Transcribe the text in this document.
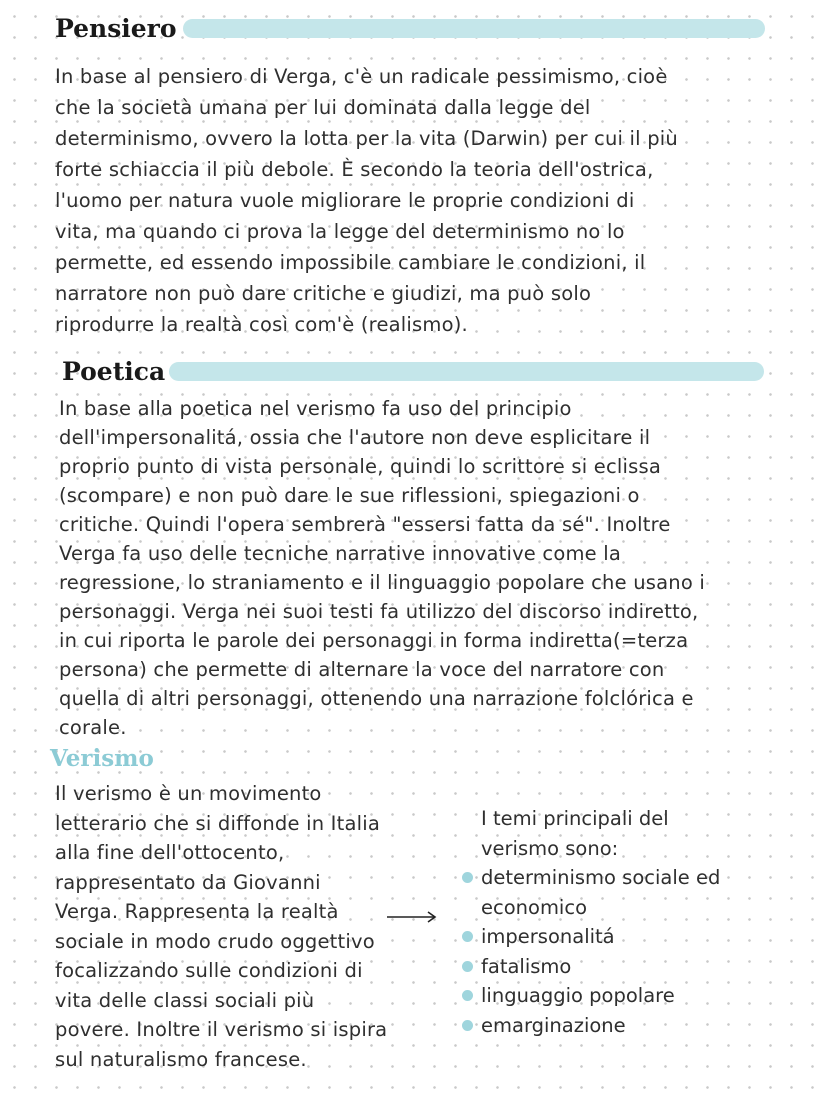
Pensiero

In base al pensiero di Verga, c'è un radicale pessimismo, cioè
che la società umana per lui dominata dalla legge del
determinismo, ovvero la lotta per la vita (Darwin) per cui il più
forte schiaccia il più debole. È secondo la teoria dell'ostrica,
l'uomo per natura vuole migliorare le proprie condizioni di
vita, ma quando ci prova la legge del determinismo no lo
permette, ed essendo impossibile cambiare le condizioni, il
narratore non può dare critiche e giudizi, ma può solo
riprodurre la realtà così com'è (realismo).

Poetica

In base alla poetica nel verismo fa uso del principio
dell'impersonalitá, ossia che l'autore non deve esplicitare il
proprio punto di vista personale, quindi lo scrittore si eclissa
(scompare) e non può dare le sue riflessioni, spiegazioni o
critiche. Quindi l'opera sembrerà "essersi fatta da sé". Inoltre
Verga fa uso delle tecniche narrative innovative come la
regressione, lo straniamento e il linguaggio popolare che usano i
personaggi. Verga nei suoi testi fa utilizzo del discorso indiretto,
in cui riporta le parole dei personaggi in forma indiretta(=terza
persona) che permette di alternare la voce del narratore con
quella di altri personaggi, ottenendo una narrazione folclórica e
corale.

Verismo

Il verismo è un movimento
letterario che si diffonde in Italia
alla fine dell'ottocento,
rappresentato da Giovanni
Verga. Rappresenta la realtà
sociale in modo crudo oggettivo
focalizzando sulle condizioni di
vita delle classi sociali più
povere. Inoltre il verismo si ispira
sul naturalismo francese.

I temi principali del
verismo sono:
determinismo sociale ed
economico
impersonalitá
fatalismo
linguaggio popolare
emarginazione
